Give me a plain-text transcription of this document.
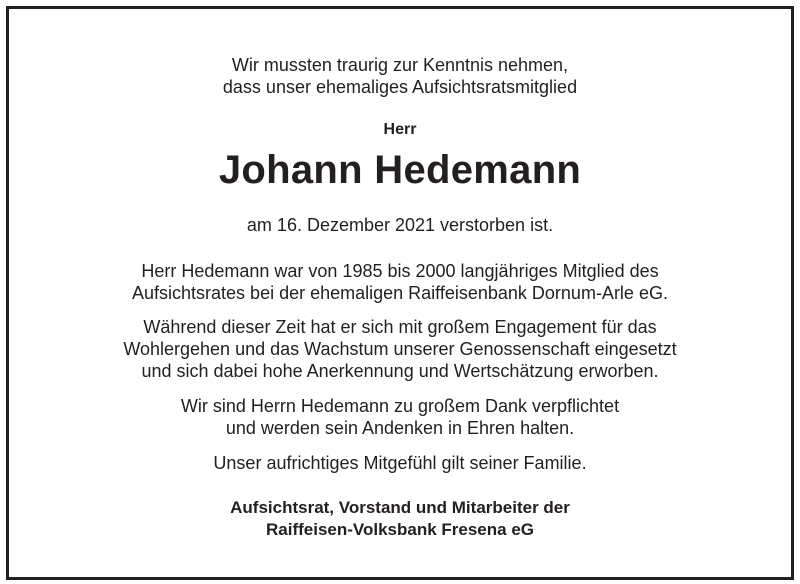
Wir mussten traurig zur Kenntnis nehmen,
dass unser ehemaliges Aufsichtsratsmitglied
Herr
Johann Hedemann
am 16. Dezember 2021 verstorben ist.
Herr Hedemann war von 1985 bis 2000 langjähriges Mitglied des
Aufsichtsrates bei der ehemaligen Raiffeisenbank Dornum-Arle eG.
Während dieser Zeit hat er sich mit großem Engagement für das
Wohlergehen und das Wachstum unserer Genossenschaft eingesetzt
und sich dabei hohe Anerkennung und Wertschätzung erworben.
Wir sind Herrn Hedemann zu großem Dank verpflichtet
und werden sein Andenken in Ehren halten.
Unser aufrichtiges Mitgefühl gilt seiner Familie.
Aufsichtsrat, Vorstand und Mitarbeiter der
Raiffeisen-Volksbank Fresena eG
